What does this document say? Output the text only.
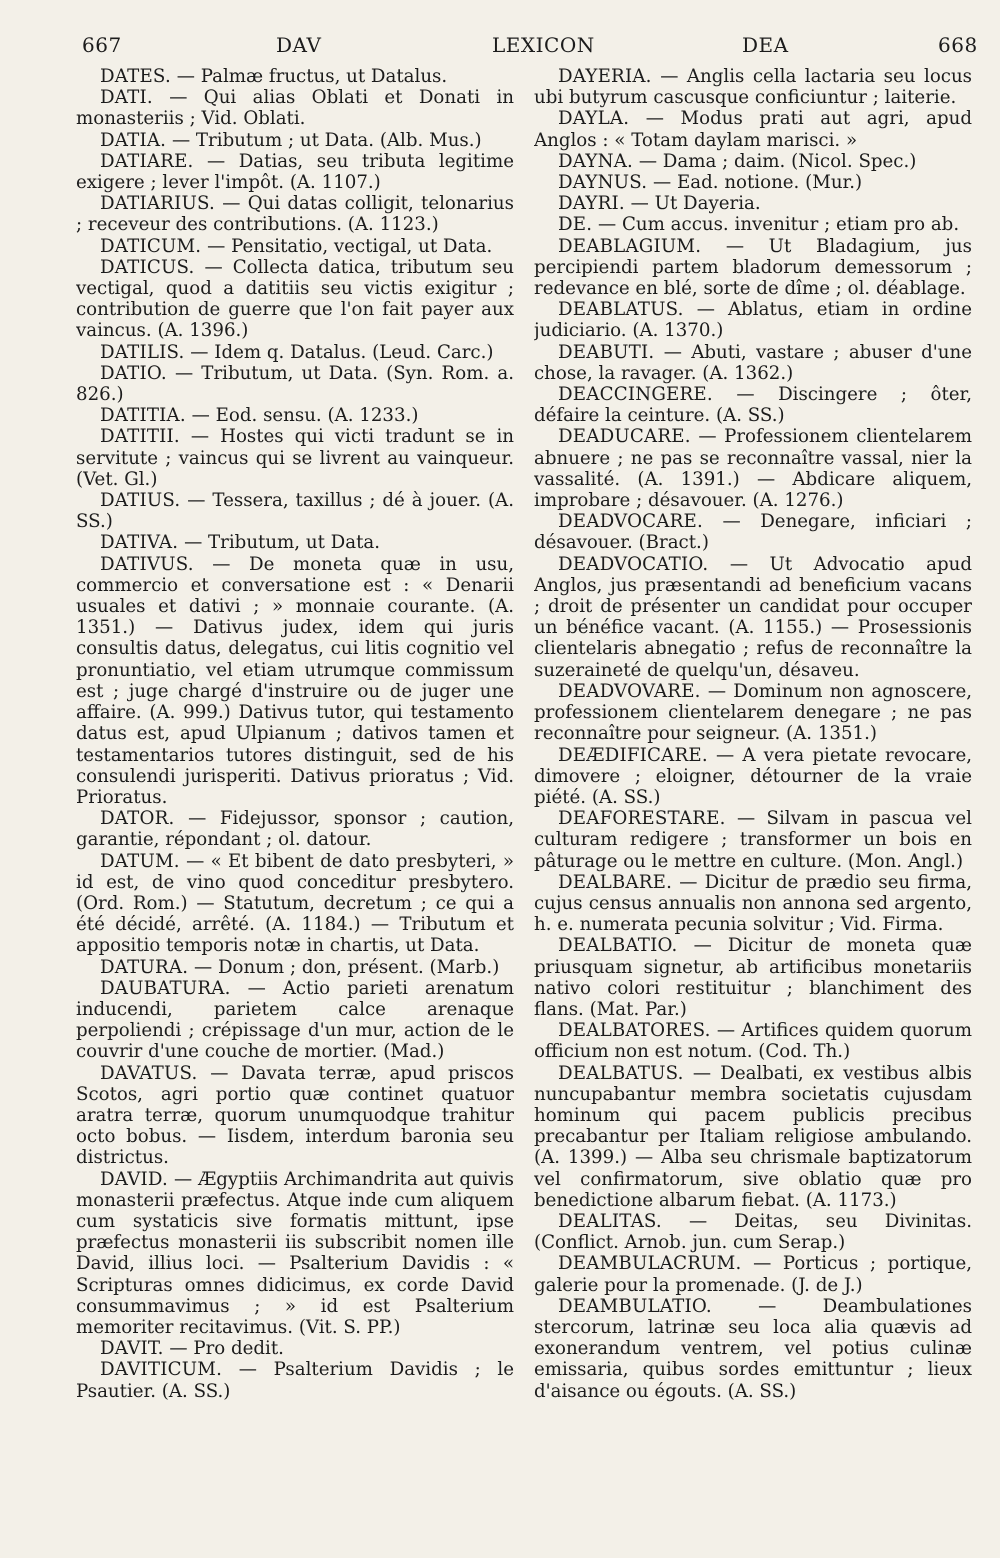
667	DAV	LEXICON	DEA	668

DATES. — Palmæ fructus, ut Datalus.

DATI. — Qui alias Oblati et Donati in monasteriis ; Vid. Oblati.

DATIA. — Tributum ; ut Data. (Alb. Mus.)

DATIARE. — Datias, seu tributa legitime exigere ; lever l'impôt. (A. 1107.)

DATIARIUS. — Qui datas colligit, telonarius ; receveur des contributions. (A. 1123.)

DATICUM. — Pensitatio, vectigal, ut Data.

DATICUS. — Collecta datica, tributum seu vectigal, quod a datitiis seu victis exigitur ; contribution de guerre que l'on fait payer aux vaincus. (A. 1396.)

DATILIS. — Idem q. Datalus. (Leud. Carc.)

DATIO. — Tributum, ut Data. (Syn. Rom. a. 826.)

DATITIA. — Eod. sensu. (A. 1233.)

DATITII. — Hostes qui victi tradunt se in servitute ; vaincus qui se livrent au vainqueur. (Vet. Gl.)

DATIUS. — Tessera, taxillus ; dé à jouer. (A. SS.)

DATIVA. — Tributum, ut Data.

DATIVUS. — De moneta quæ in usu, commercio et conversatione est : « Denarii usuales et dativi ; » monnaie courante. (A. 1351.) — Dativus judex, idem qui juris consultis datus, delegatus, cui litis cognitio vel pronuntiatio, vel etiam utrumque commissum est ; juge chargé d'instruire ou de juger une affaire. (A. 999.) Dativus tutor, qui testamento datus est, apud Ulpianum ; dativos tamen et testamentarios tutores distinguit, sed de his consulendi jurisperiti. Dativus prioratus ; Vid. Prioratus.

DATOR. — Fidejussor, sponsor ; caution, garantie, répondant ; ol. datour.

DATUM. — « Et bibent de dato presbyteri, » id est, de vino quod conceditur presbytero. (Ord. Rom.) — Statutum, decretum ; ce qui a été décidé, arrêté. (A. 1184.) — Tributum et appositio temporis notæ in chartis, ut Data.

DATURA. — Donum ; don, présent. (Marb.)

DAUBATURA. — Actio parieti arenatum inducendi, parietem calce arenaque perpoliendi ; crépissage d'un mur, action de le couvrir d'une couche de mortier. (Mad.)

DAVATUS. — Davata terræ, apud priscos Scotos, agri portio quæ continet quatuor aratra terræ, quorum unumquodque trahitur octo bobus. — Iisdem, interdum baronia seu districtus.

DAVID. — Ægyptiis Archimandrita aut quivis monasterii præfectus. Atque inde cum aliquem cum systaticis sive formatis mittunt, ipse præfectus monasterii iis subscribit nomen ille David, illius loci. — Psalterium Davidis : « Scripturas omnes didicimus, ex corde David consummavimus ; » id est Psalterium memoriter recitavimus. (Vit. S. PP.)

DAVIT. — Pro dedit.

DAVITICUM. — Psalterium Davidis ; le Psautier. (A. SS.)

DAYERIA. — Anglis cella lactaria seu locus ubi butyrum cascusque conficiuntur ; laiterie.

DAYLA. — Modus prati aut agri, apud Anglos : « Totam daylam marisci. »

DAYNA. — Dama ; daim. (Nicol. Spec.)

DAYNUS. — Ead. notione. (Mur.)

DAYRI. — Ut Dayeria.

DE. — Cum accus. invenitur ; etiam pro ab.

DEABLAGIUM. — Ut Bladagium, jus percipiendi partem bladorum demessorum ; redevance en blé, sorte de dîme ; ol. déablage.

DEABLATUS. — Ablatus, etiam in ordine judiciario. (A. 1370.)

DEABUTI. — Abuti, vastare ; abuser d'une chose, la ravager. (A. 1362.)

DEACCINGERE. — Discingere ; ôter, défaire la ceinture. (A. SS.)

DEADUCARE. — Professionem clientelarem abnuere ; ne pas se reconnaître vassal, nier la vassalité. (A. 1391.) — Abdicare aliquem, improbare ; désavouer. (A. 1276.)

DEADVOCARE. — Denegare, inficiari ; désavouer. (Bract.)

DEADVOCATIO. — Ut Advocatio apud Anglos, jus præsentandi ad beneficium vacans ; droit de présenter un candidat pour occuper un bénéfice vacant. (A. 1155.) — Prosessionis clientelaris abnegatio ; refus de reconnaître la suzeraineté de quelqu'un, désaveu.

DEADVOVARE. — Dominum non agnoscere, professionem clientelarem denegare ; ne pas reconnaître pour seigneur. (A. 1351.)

DEÆDIFICARE. — A vera pietate revocare, dimovere ; eloigner, détourner de la vraie piété. (A. SS.)

DEAFORESTARE. — Silvam in pascua vel culturam redigere ; transformer un bois en pâturage ou le mettre en culture. (Mon. Angl.)

DEALBARE. — Dicitur de prædio seu firma, cujus census annualis non annona sed argento, h. e. numerata pecunia solvitur ; Vid. Firma.

DEALBATIO. — Dicitur de moneta quæ priusquam signetur, ab artificibus monetariis nativo colori restituitur ; blanchiment des flans. (Mat. Par.)

DEALBATORES. — Artifices quidem quorum officium non est notum. (Cod. Th.)

DEALBATUS. — Dealbati, ex vestibus albis nuncupabantur membra societatis cujusdam hominum qui pacem publicis precibus precabantur per Italiam religiose ambulando. (A. 1399.) — Alba seu chrismale baptizatorum vel confirmatorum, sive oblatio quæ pro benedictione albarum fiebat. (A. 1173.)

DEALITAS. — Deitas, seu Divinitas. (Conflict. Arnob. jun. cum Serap.)

DEAMBULACRUM. — Porticus ; portique, galerie pour la promenade. (J. de J.)

DEAMBULATIO.	— Deambulationes stercorum, latrinæ seu loca alia quævis ad exonerandum ventrem, vel potius culinæ emissaria, quibus sordes emittuntur ; lieux d'aisance ou égouts. (A. SS.)
